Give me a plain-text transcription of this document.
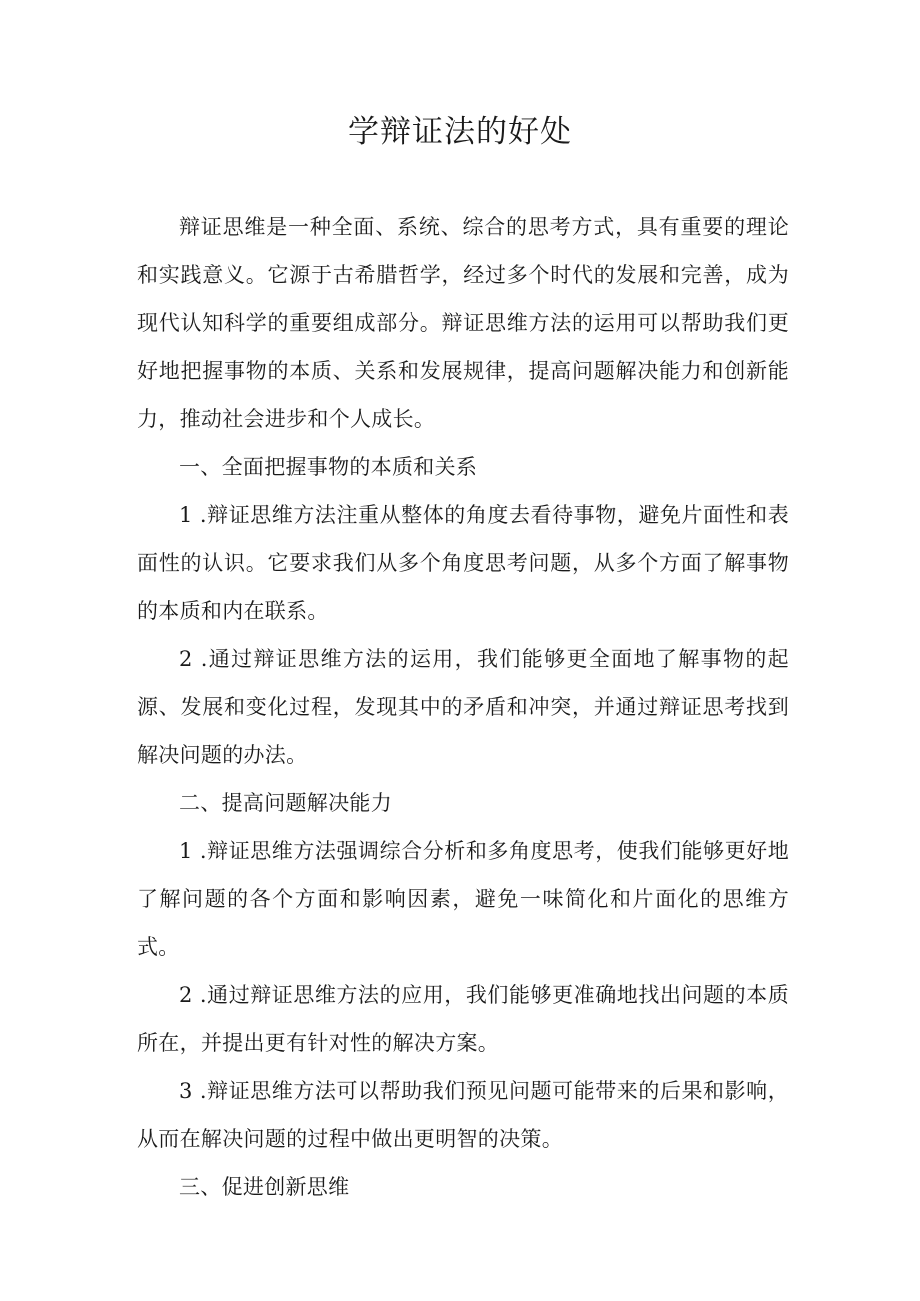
学辩证法的好处

辩证思维是一种全面、系统、综合的思考方式，具有重要的理论和实践意义。它源于古希腊哲学，经过多个时代的发展和完善，成为现代认知科学的重要组成部分。辩证思维方法的运用可以帮助我们更好地把握事物的本质、关系和发展规律，提高问题解决能力和创新能力，推动社会进步和个人成长。

一、全面把握事物的本质和关系

1 .辩证思维方法注重从整体的角度去看待事物，避免片面性和表面性的认识。它要求我们从多个角度思考问题，从多个方面了解事物的本质和内在联系。

2 .通过辩证思维方法的运用，我们能够更全面地了解事物的起源、发展和变化过程，发现其中的矛盾和冲突，并通过辩证思考找到解决问题的办法。

二、提高问题解决能力

1 .辩证思维方法强调综合分析和多角度思考，使我们能够更好地了解问题的各个方面和影响因素，避免一味简化和片面化的思维方式。

2 .通过辩证思维方法的应用，我们能够更准确地找出问题的本质所在，并提出更有针对性的解决方案。

3 .辩证思维方法可以帮助我们预见问题可能带来的后果和影响，从而在解决问题的过程中做出更明智的决策。

三、促进创新思维
